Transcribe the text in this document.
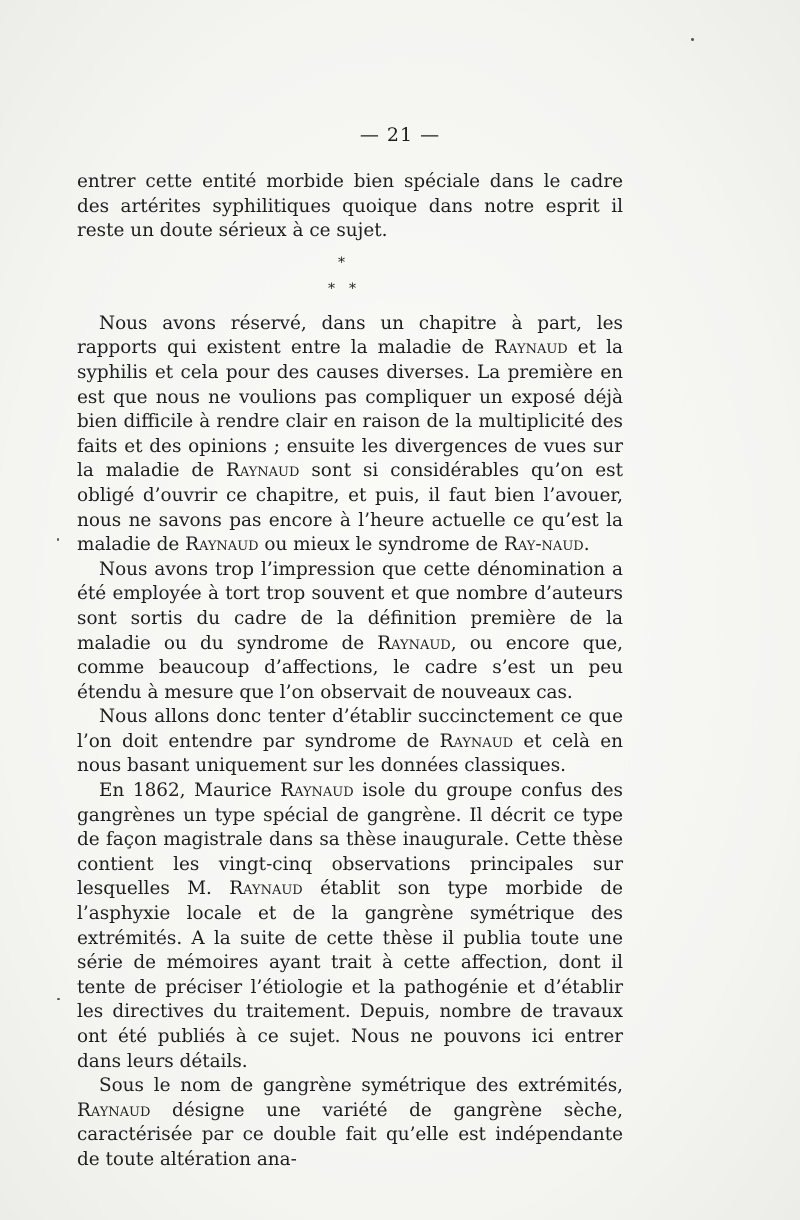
— 21 —

entrer cette entité morbide bien spéciale dans le cadre des artérites syphilitiques quoique dans notre esprit il reste un doute sérieux à ce sujet.

*
* *

Nous avons réservé, dans un chapitre à part, les rapports qui existent entre la maladie de Raynaud et la syphilis et cela pour des causes diverses. La première en est que nous ne voulions pas compliquer un exposé déjà bien difficile à rendre clair en raison de la multiplicité des faits et des opinions ; ensuite les divergences de vues sur la maladie de Raynaud sont si considérables qu’on est obligé d’ouvrir ce chapitre, et puis, il faut bien l’avouer, nous ne savons pas encore à l’heure actuelle ce qu’est la maladie de Raynaud ou mieux le syndrome de Ray-naud.

Nous avons trop l’impression que cette dénomination a été employée à tort trop souvent et que nombre d’auteurs sont sortis du cadre de la définition première de la maladie ou du syndrome de Raynaud, ou encore que, comme beaucoup d’affections, le cadre s’est un peu étendu à mesure que l’on observait de nouveaux cas.

Nous allons donc tenter d’établir succinctement ce que l’on doit entendre par syndrome de Raynaud et celà en nous basant uniquement sur les données classiques.

En 1862, Maurice Raynaud isole du groupe confus des gangrènes un type spécial de gangrène. Il décrit ce type de façon magistrale dans sa thèse inaugurale. Cette thèse contient les vingt-cinq observations principales sur lesquelles M. Raynaud établit son type morbide de l’asphyxie locale et de la gangrène symétrique des extrémités. A la suite de cette thèse il publia toute une série de mémoires ayant trait à cette affection, dont il tente de préciser l’étiologie et la pathogénie et d’établir les directives du traitement. Depuis, nombre de travaux ont été publiés à ce sujet. Nous ne pouvons ici entrer dans leurs détails.

Sous le nom de gangrène symétrique des extrémités, Raynaud désigne une variété de gangrène sèche, caractérisée par ce double fait qu’elle est indépendante de toute altération ana-
